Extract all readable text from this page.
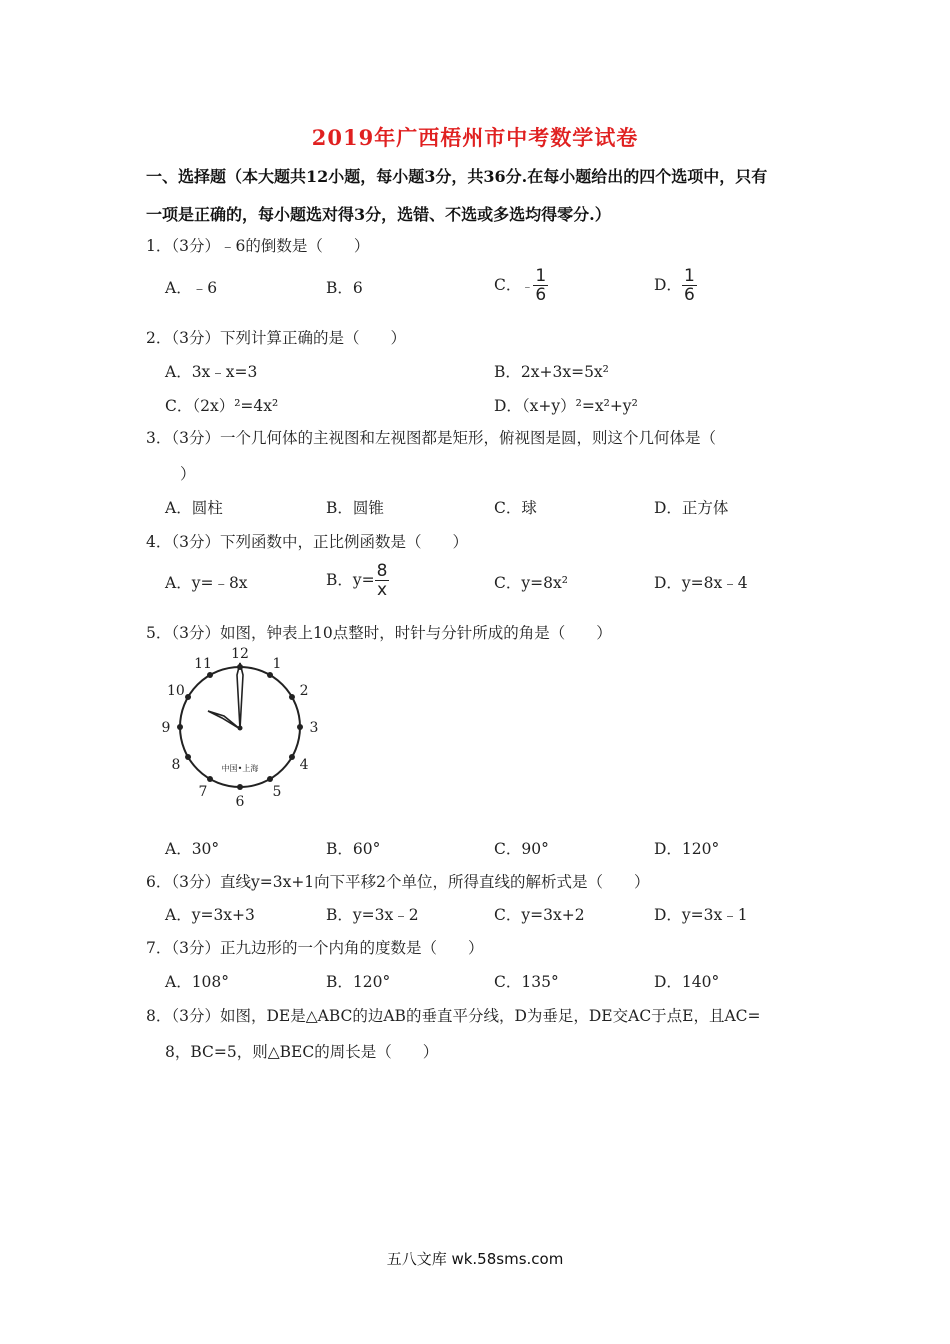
2019年广西梧州市中考数学试卷
一、选择题（本大题共12小题，每小题3分，共36分.在每小题给出的四个选项中，只有
一项是正确的，每小题选对得3分，选错、不选或多选均得零分.）
1．（3分）﹣6的倒数是（　　）
A．﹣6	B．6	C．﹣ $\frac{1}{6}$	D． $\frac{1}{6}$
2．（3分）下列计算正确的是（　　）
A．3x﹣x=3	B．2x+3x=5x²
C．（2x）²=4x²	D．（x+y）²=x²+y²
3．（3分）一个几何体的主视图和左视图都是矩形，俯视图是圆，则这个几何体是（
）
A．圆柱	B．圆锥	C．球	D．正方体
4．（3分）下列函数中，正比例函数是（　　）
A．y=﹣8x	B．$y= \frac{8}{x}$	C．y=8x²	D．y=8x﹣4
5．（3分）如图，钟表上10点整时，时针与分针所成的角是（　　）
12
1
2
3
4
5
6
7
8
9
10
11
中国•上海
A．30°	B．60°	C．90°	D．120°
6．（3分）直线y=3x+1向下平移2个单位，所得直线的解析式是（　　）
A．y=3x+3	B．y=3x﹣2	C．y=3x+2	D．y=3x﹣1
7．（3分）正九边形的一个内角的度数是（　　）
A．108°	B．120°	C．135°	D．140°
8．（3分）如图，DE是△ABC的边AB的垂直平分线，D为垂足，DE交AC于点E，且AC=
8，BC=5，则△BEC的周长是（　　）
五八文库 wk.58sms.com
